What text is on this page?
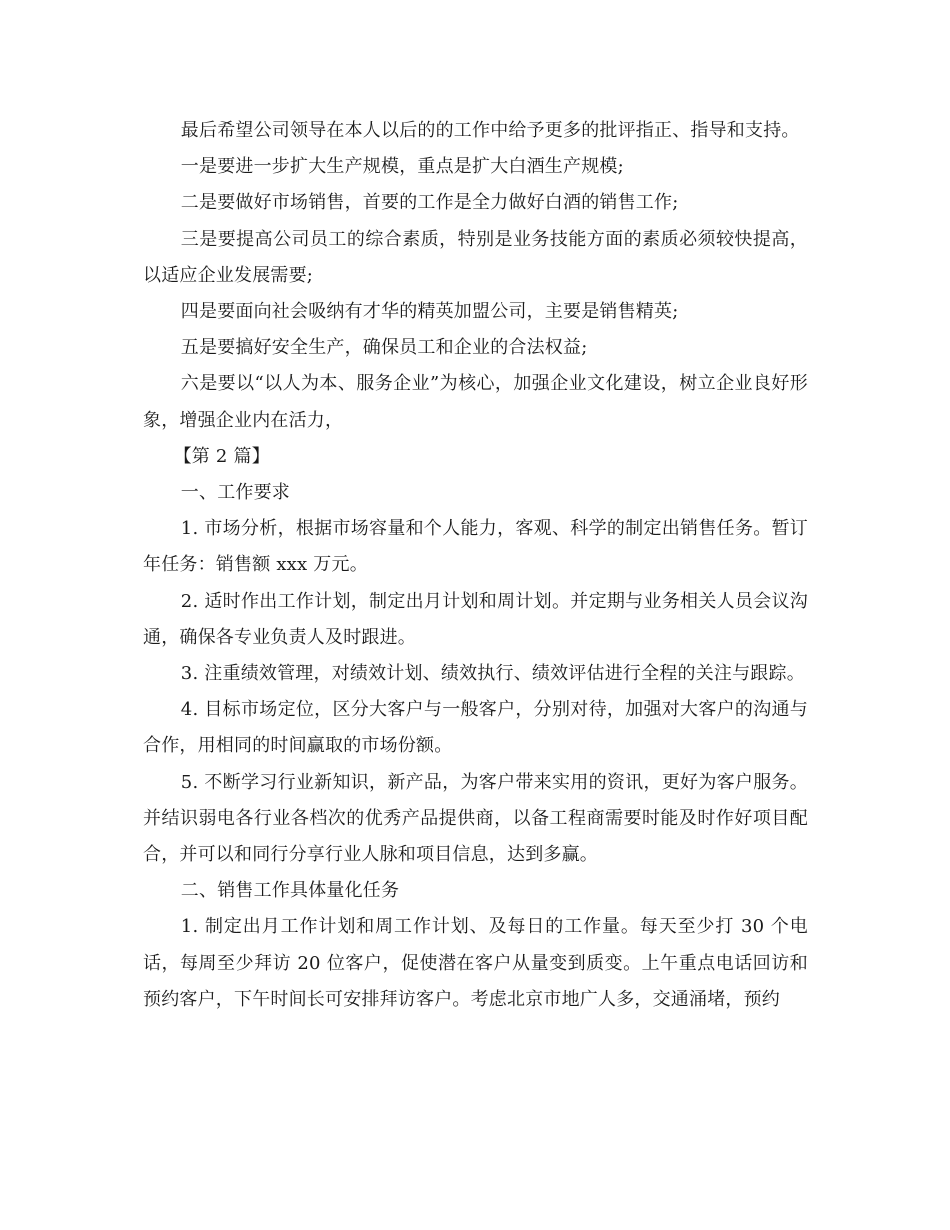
最后希望公司领导在本人以后的的工作中给予更多的批评指正、指导和支持。

一是要进一步扩大生产规模，重点是扩大白酒生产规模;

二是要做好市场销售，首要的工作是全力做好白酒的销售工作;

三是要提高公司员工的综合素质，特别是业务技能方面的素质必须较快提高，以适应企业发展需要;

四是要面向社会吸纳有才华的精英加盟公司，主要是销售精英;

五是要搞好安全生产，确保员工和企业的合法权益;

六是要以“以人为本、服务企业”为核心，加强企业文化建设，树立企业良好形象，增强企业内在活力，

【第 2 篇】

一、工作要求

1. 市场分析，根据市场容量和个人能力，客观、科学的制定出销售任务。暂订年任务：销售额 xxx 万元。

2. 适时作出工作计划，制定出月计划和周计划。并定期与业务相关人员会议沟通，确保各专业负责人及时跟进。

3. 注重绩效管理，对绩效计划、绩效执行、绩效评估进行全程的关注与跟踪。

4. 目标市场定位，区分大客户与一般客户，分别对待，加强对大客户的沟通与合作，用相同的时间赢取的市场份额。

5. 不断学习行业新知识，新产品，为客户带来实用的资讯，更好为客户服务。并结识弱电各行业各档次的优秀产品提供商，以备工程商需要时能及时作好项目配合，并可以和同行分享行业人脉和项目信息，达到多赢。

二、销售工作具体量化任务

1. 制定出月工作计划和周工作计划、及每日的工作量。每天至少打 30 个电话，每周至少拜访 20 位客户，促使潜在客户从量变到质变。上午重点电话回访和预约客户，下午时间长可安排拜访客户。考虑北京市地广人多，交通涌堵，预约
